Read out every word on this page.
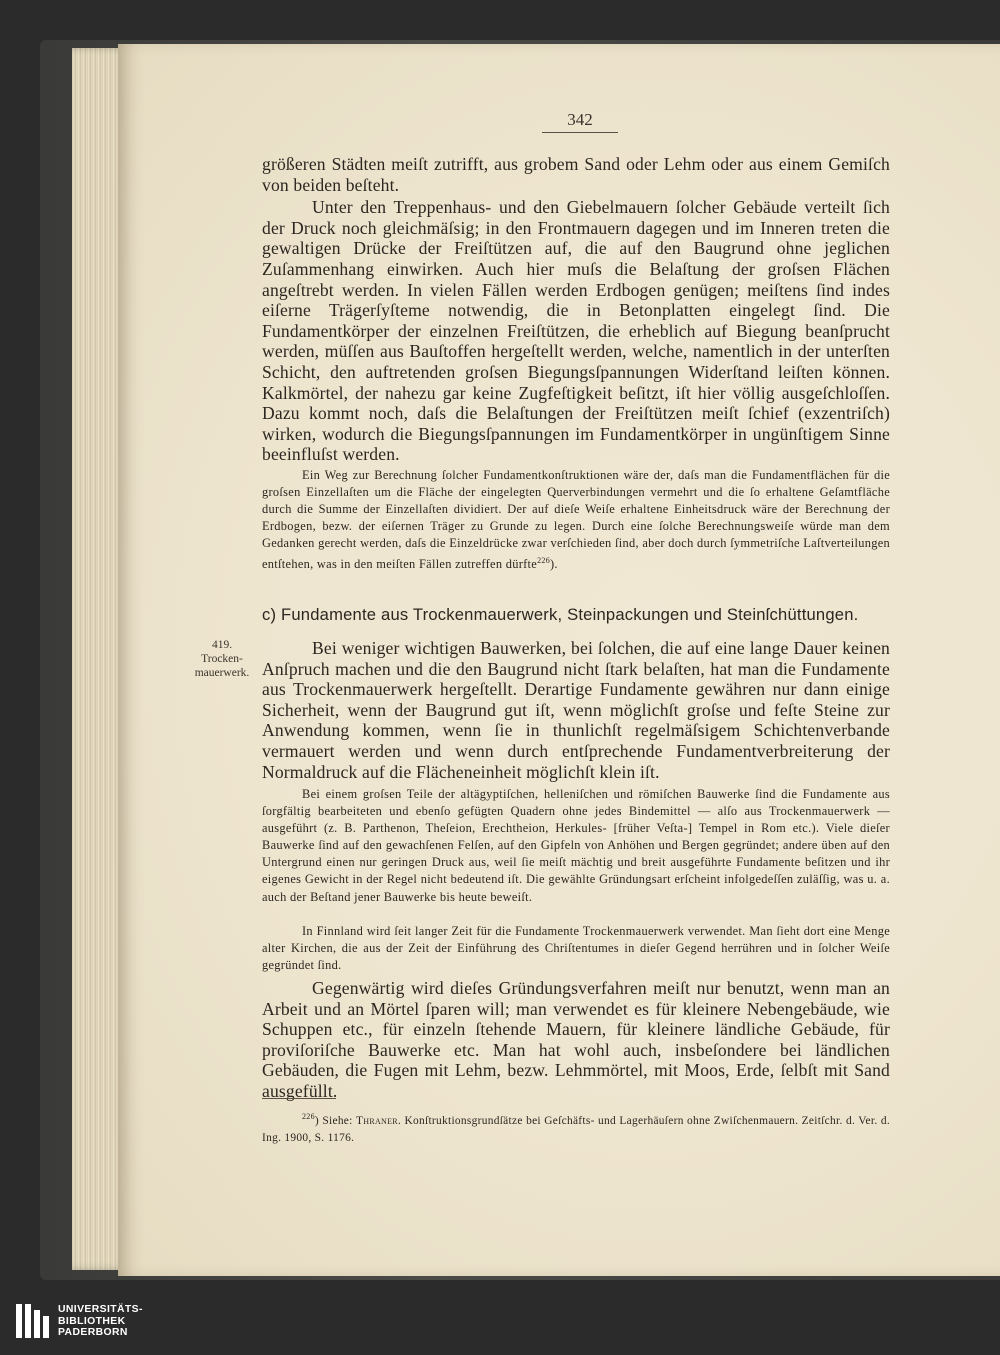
342
größeren Städten meiſt zutrifft, aus grobem Sand oder Lehm oder aus einem Gemiſch von beiden beſteht.
Unter den Treppenhaus- und den Giebelmauern ſolcher Gebäude verteilt ſich der Druck noch gleichmäſsig; in den Frontmauern dagegen und im Inneren treten die gewaltigen Drücke der Freiſtützen auf, die auf den Baugrund ohne jeglichen Zuſammenhang einwirken. Auch hier muſs die Belaſtung der groſsen Flächen angeſtrebt werden. In vielen Fällen werden Erdbogen genügen; meiſtens ſind indes eiſerne Trägerſyſteme notwendig, die in Betonplatten eingelegt ſind. Die Fundamentkörper der einzelnen Freiſtützen, die erheblich auf Biegung beanſprucht werden, müſſen aus Bauſtoffen hergeſtellt werden, welche, namentlich in der unterſten Schicht, den auftretenden groſsen Biegungsſpannungen Widerſtand leiſten können. Kalkmörtel, der nahezu gar keine Zugfeſtigkeit beſitzt, iſt hier völlig ausgeſchloſſen. Dazu kommt noch, daſs die Belaſtungen der Freiſtützen meiſt ſchief (exzentriſch) wirken, wodurch die Biegungsſpannungen im Fundamentkörper in ungünſtigem Sinne beeinfluſst werden.
Ein Weg zur Berechnung ſolcher Fundamentkonſtruktionen wäre der, daſs man die Fundamentflächen für die groſsen Einzellaſten um die Fläche der eingelegten Querverbindungen vermehrt und die ſo erhaltene Geſamtfläche durch die Summe der Einzellaſten dividiert. Der auf dieſe Weiſe erhaltene Einheitsdruck wäre der Berechnung der Erdbogen, bezw. der eiſernen Träger zu Grunde zu legen. Durch eine ſolche Berechnungsweiſe würde man dem Gedanken gerecht werden, daſs die Einzeldrücke zwar verſchieden ſind, aber doch durch ſymmetriſche Laſtverteilungen entſtehen, was in den meiſten Fällen zutreffen dürfte$^{226}$).
c) Fundamente aus Trockenmauerwerk, Steinpackungen und Steinſchüttungen.
419.
Trocken-
mauerwerk.
Bei weniger wichtigen Bauwerken, bei ſolchen, die auf eine lange Dauer keinen Anſpruch machen und die den Baugrund nicht ſtark belaſten, hat man die Fundamente aus Trockenmauerwerk hergeſtellt. Derartige Fundamente gewähren nur dann einige Sicherheit, wenn der Baugrund gut iſt, wenn möglichſt groſse und feſte Steine zur Anwendung kommen, wenn ſie in thunlichſt regelmäſsigem Schichtenverbande vermauert werden und wenn durch entſprechende Fundamentverbreiterung der Normaldruck auf die Flächeneinheit möglichſt klein iſt.
Bei einem groſsen Teile der altägyptiſchen, helleniſchen und römiſchen Bauwerke ſind die Fundamente aus ſorgfältig bearbeiteten und ebenſo gefügten Quadern ohne jedes Bindemittel — alſo aus Trockenmauerwerk — ausgeführt (z. B. Parthenon, Theſeion, Erechtheion, Herkules- [früher Veſta-] Tempel in Rom etc.). Viele dieſer Bauwerke ſind auf den gewachſenen Felſen, auf den Gipfeln von Anhöhen und Bergen gegründet; andere üben auf den Untergrund einen nur geringen Druck aus, weil ſie meiſt mächtig und breit ausgeführte Fundamente beſitzen und ihr eigenes Gewicht in der Regel nicht bedeutend iſt. Die gewählte Gründungsart erſcheint infolgedeſſen zuläſſig, was u. a. auch der Beſtand jener Bauwerke bis heute beweiſt.
In Finnland wird ſeit langer Zeit für die Fundamente Trockenmauerwerk verwendet. Man ſieht dort eine Menge alter Kirchen, die aus der Zeit der Einführung des Chriſtentumes in dieſer Gegend herrühren und in ſolcher Weiſe gegründet ſind.
Gegenwärtig wird dieſes Gründungsverfahren meiſt nur benutzt, wenn man an Arbeit und an Mörtel ſparen will; man verwendet es für kleinere Nebengebäude, wie Schuppen etc., für einzeln ſtehende Mauern, für kleinere ländliche Gebäude, für proviſoriſche Bauwerke etc. Man hat wohl auch, insbeſondere bei ländlichen Gebäuden, die Fugen mit Lehm, bezw. Lehmmörtel, mit Moos, Erde, ſelbſt mit Sand ausgefüllt.
$^{226}$) Siehe: Thraner. Konſtruktionsgrundſätze bei Geſchäfts- und Lagerhäuſern ohne Zwiſchenmauern. Zeitſchr. d. Ver. d. Ing. 1900, S. 1176.
UNIVERSITÄTS-
BIBLIOTHEK
PADERBORN
